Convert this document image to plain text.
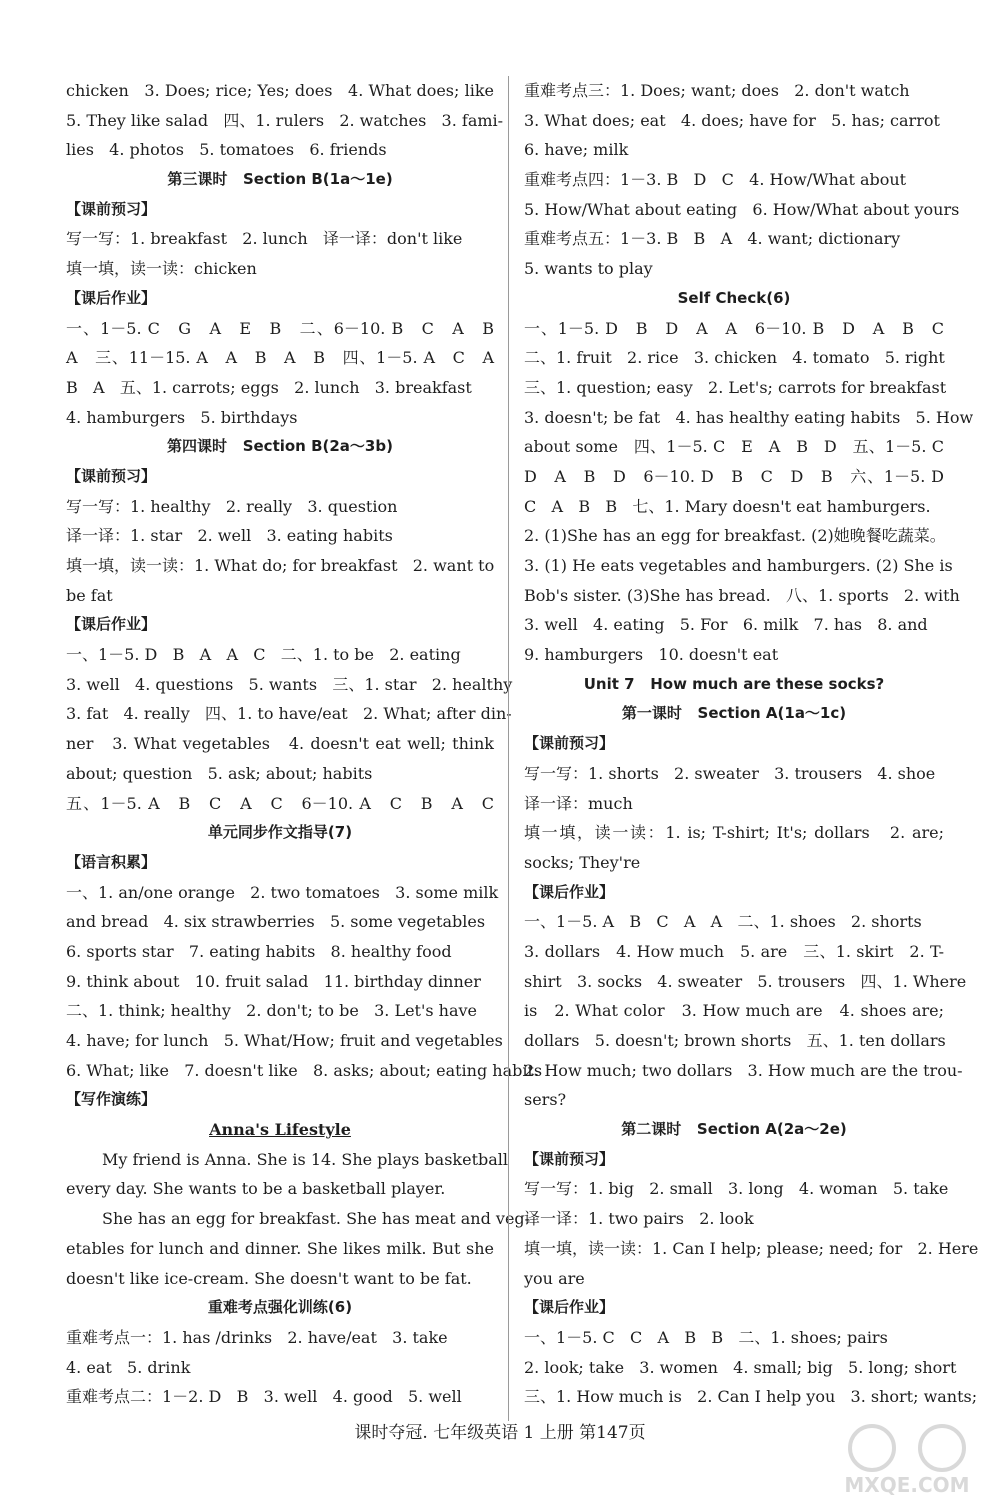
chicken   3. Does; rice; Yes; does   4. What does; like
5. They like salad   四、1. rulers   2. watches   3. fami-
lies   4. photos   5. tomatoes   6. friends
第三课时   Section B(1a～1e)
【课前预习】
写一写：1. breakfast   2. lunch   译一译：don't like
填一填，读一读：chicken
【课后作业】
一、1－5. C   G   A   E   B   二、6－10. B   C   A   B
A   三、11－15. A   A   B   A   B   四、1－5. A   C   A
B   A   五、1. carrots; eggs   2. lunch   3. breakfast
4. hamburgers   5. birthdays
第四课时   Section B(2a～3b)
【课前预习】
写一写：1. healthy   2. really   3. question
译一译：1. star   2. well   3. eating habits
填一填，读一读：1. What do; for breakfast   2. want to
be fat
【课后作业】
一、1－5. D   B   A   A   C   二、1. to be   2. eating
3. well   4. questions   5. wants   三、1. star   2. healthy
3. fat   4. really   四、1. to have/eat   2. What; after din-
ner   3. What vegetables   4. doesn't eat well; think
about; question   5. ask; about; habits
五、1－5. A   B   C   A   C   6－10. A   C   B   A   C
单元同步作文指导(7)
【语言积累】
一、1. an/one orange   2. two tomatoes   3. some milk
and bread   4. six strawberries   5. some vegetables
6. sports star   7. eating habits   8. healthy food
9. think about   10. fruit salad   11. birthday dinner
二、1. think; healthy   2. don't; to be   3. Let's have
4. have; for lunch   5. What/How; fruit and vegetables
6. What; like   7. doesn't like   8. asks; about; eating habits
【写作演练】
Anna's Lifestyle
My friend is Anna. She is 14. She plays basketball
every day. She wants to be a basketball player.
She has an egg for breakfast. She has meat and veg-
etables for lunch and dinner. She likes milk. But she
doesn't like ice-cream. She doesn't want to be fat.
重难考点强化训练(6)
重难考点一：1. has /drinks   2. have/eat   3. take
4. eat   5. drink
重难考点二：1－2. D   B   3. well   4. good   5. well
重难考点三：1. Does; want; does   2. don't watch
3. What does; eat   4. does; have for   5. has; carrot
6. have; milk
重难考点四：1－3. B   D   C   4. How/What about
5. How/What about eating   6. How/What about yours
重难考点五：1－3. B   B   A   4. want; dictionary
5. wants to play
Self Check(6)
一、1－5. D   B   D   A   A   6－10. B   D   A   B   C
二、1. fruit   2. rice   3. chicken   4. tomato   5. right
三、1. question; easy   2. Let's; carrots for breakfast
3. doesn't; be fat   4. has healthy eating habits   5. How
about some   四、1－5. C   E   A   B   D   五、1－5. C
D   A   B   D   6－10. D   B   C   D   B   六、1－5. D
C   A   B   B   七、1. Mary doesn't eat hamburgers.
2. (1)She has an egg for breakfast. (2)她晚餐吃蔬菜。
3. (1) He eats vegetables and hamburgers. (2) She is
Bob's sister. (3)She has bread.   八、1. sports   2. with
3. well   4. eating   5. For   6. milk   7. has   8. and
9. hamburgers   10. doesn't eat
Unit 7   How much are these socks?
第一课时   Section A(1a～1c)
【课前预习】
写一写：1. shorts   2. sweater   3. trousers   4. shoe
译一译：much
填一填，读一读：1. is; T-shirt; It's; dollars   2. are;
socks; They're
【课后作业】
一、1－5. A   B   C   A   A   二、1. shoes   2. shorts
3. dollars   4. How much   5. are   三、1. skirt   2. T-
shirt   3. socks   4. sweater   5. trousers   四、1. Where
is   2. What color   3. How much are   4. shoes are;
dollars   5. doesn't; brown shorts   五、1. ten dollars
2. How much; two dollars   3. How much are the trou-
sers?
第二课时   Section A(2a～2e)
【课前预习】
写一写：1. big   2. small   3. long   4. woman   5. take
译一译：1. two pairs   2. look
填一填，读一读：1. Can I help; please; need; for   2. Here
you are
【课后作业】
一、1－5. C   C   A   B   B   二、1. shoes; pairs
2. look; take   3. women   4. small; big   5. long; short
三、1. How much is   2. Can I help you   3. short; wants;
课时夺冠. 七年级英语 1 上册 第147页
MXQE.COM
